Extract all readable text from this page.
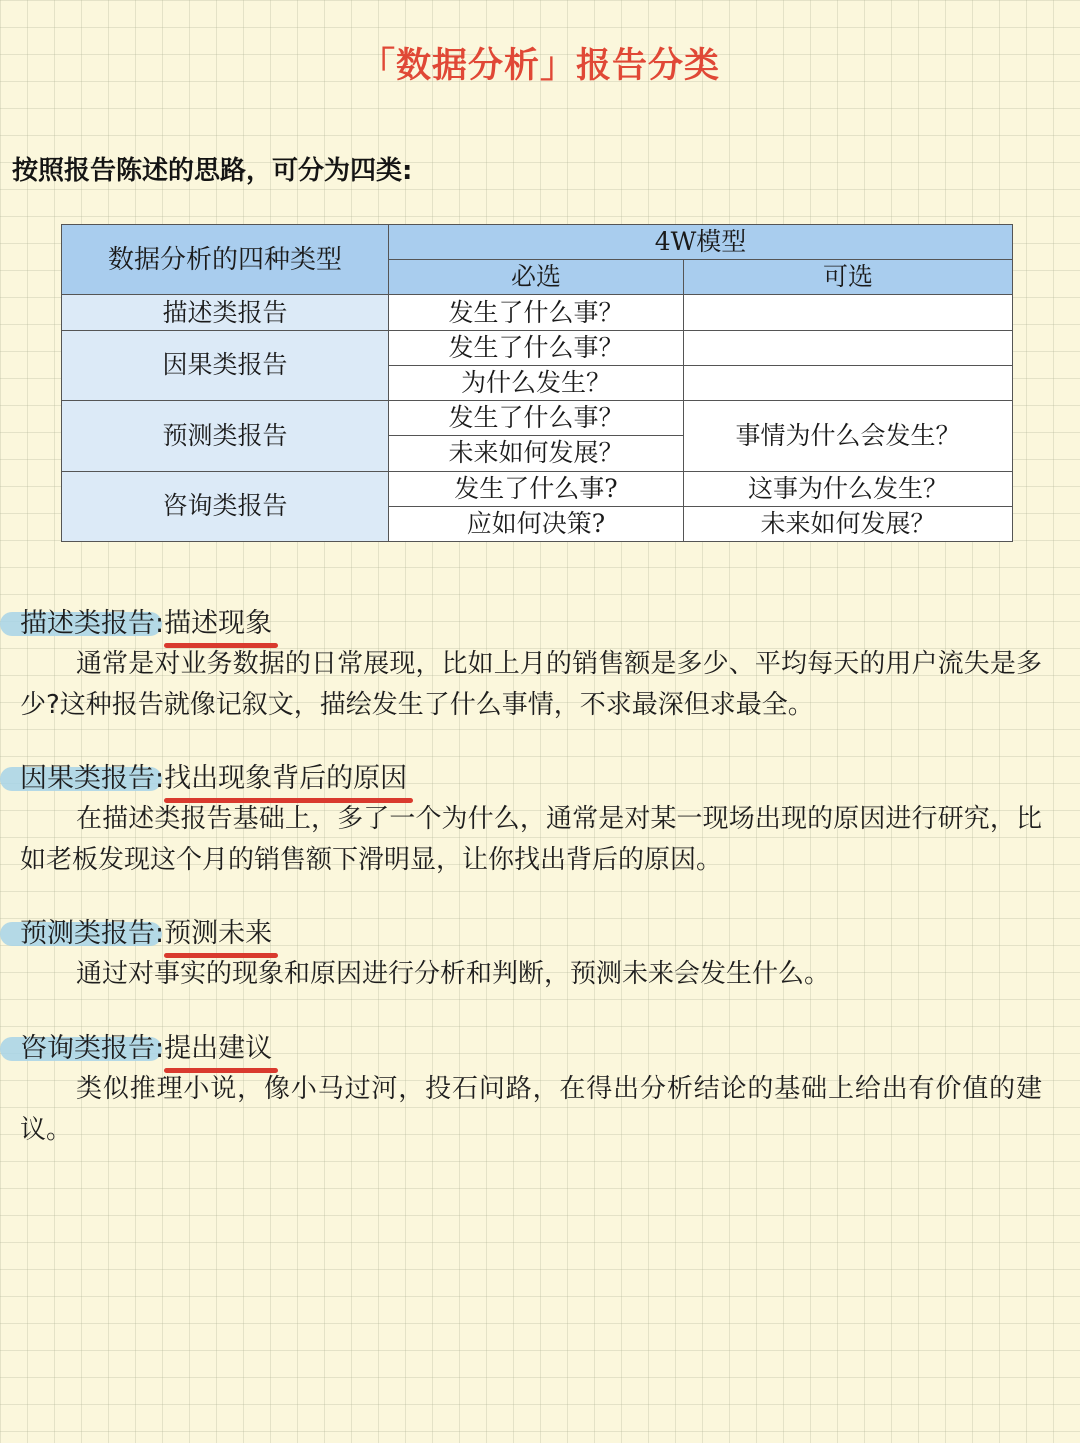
「数据分析」报告分类
按照报告陈述的思路，可分为四类:
数据分析的四种类型	4W模型	
	必选	可选
描述类报告	发生了什么事？	
因果类报告	发生了什么事？	
	为什么发生？	
预测类报告	发生了什么事？	事情为什么会发生？
	未来如何发展？	
咨询类报告	发生了什么事?	这事为什么发生？
	应如何决策?	未来如何发展？
描述类报告:描述现象
通常是对业务数据的日常展现，比如上月的销售额是多少、平均每天的用户流失是多少?这种报告就像记叙文，描绘发生了什么事情，不求最深但求最全。
因果类报告:找出现象背后的原因
在描述类报告基础上，多了一个为什么，通常是对某一现场出现的原因进行研究，比如老板发现这个月的销售额下滑明显，让你找出背后的原因。
预测类报告:预测未来
通过对事实的现象和原因进行分析和判断，预测未来会发生什么。
咨询类报告:提出建议
类似推理小说，像小马过河，投石问路，在得出分析结论的基础上给出有价值的建议。
